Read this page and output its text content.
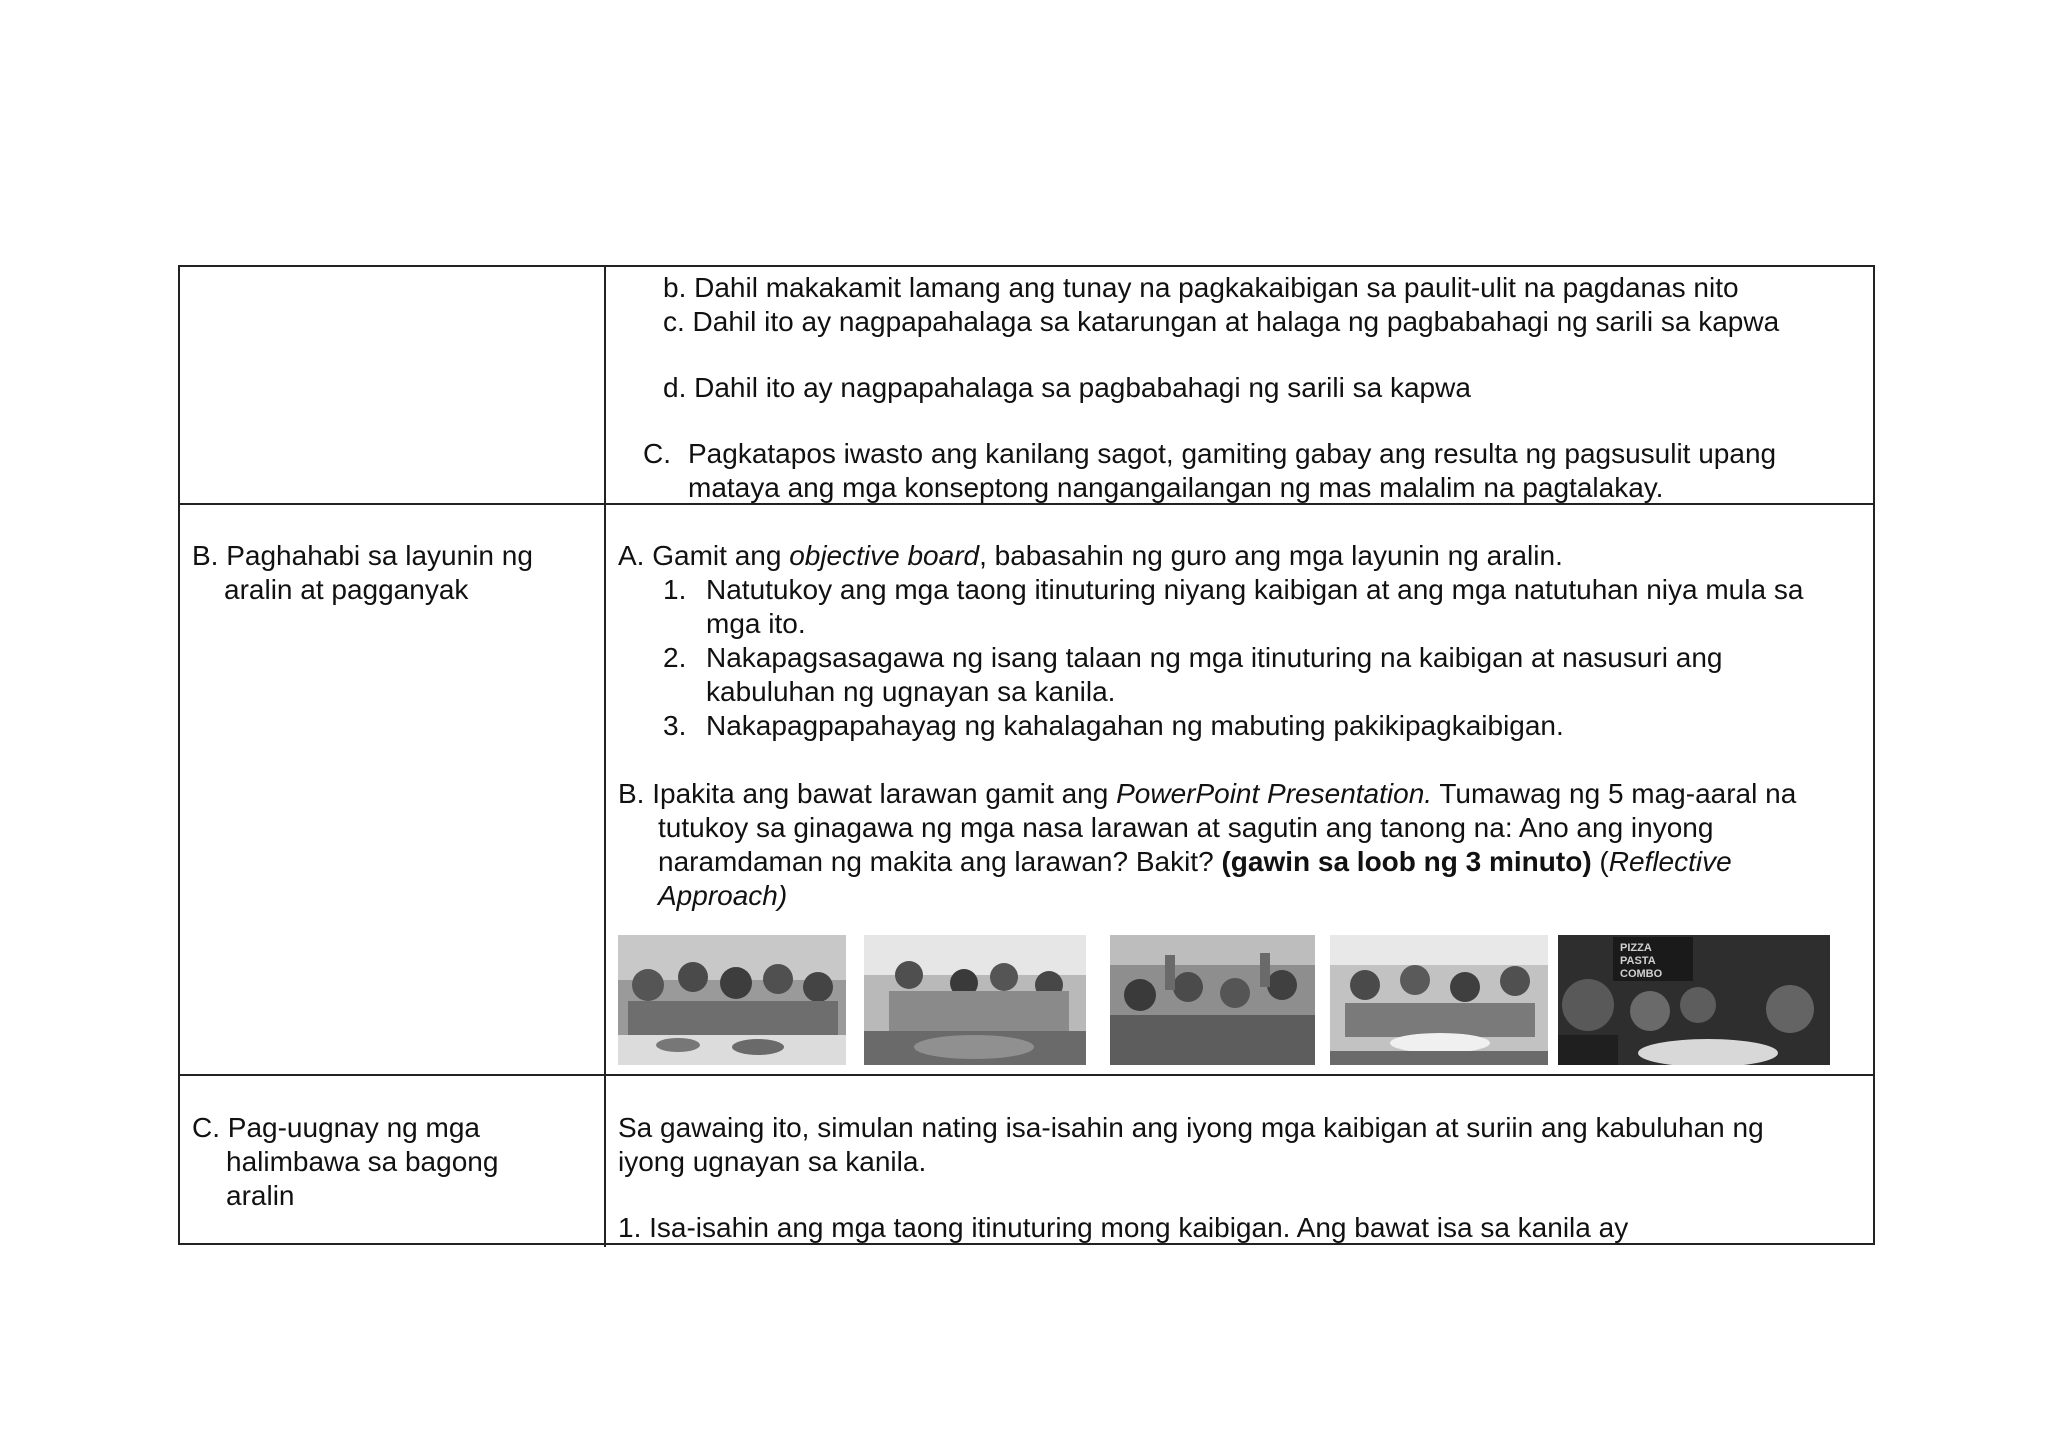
b. Dahil makakamit lamang ang tunay na pagkakaibigan sa paulit-ulit na pagdanas nito
c. Dahil ito ay nagpapahalaga sa katarungan at halaga ng pagbabahagi ng sarili sa kapwa
d. Dahil ito ay nagpapahalaga sa pagbabahagi ng sarili sa kapwa
C. Pagkatapos iwasto ang kanilang sagot, gamiting gabay ang resulta ng pagsusulit upang
mataya ang mga konseptong nangangailangan ng mas malalim na pagtalakay.
B. Paghahabi sa layunin ng
aralin at pagganyak
A. Gamit ang objective board, babasahin ng guro ang mga layunin ng aralin.
1. Natutukoy ang mga taong itinuturing niyang kaibigan at ang mga natutuhan niya mula sa
mga ito.
2. Nakapagsasagawa ng isang talaan ng mga itinuturing na kaibigan at nasusuri ang
kabuluhan ng ugnayan sa kanila.
3. Nakapagpapahayag ng kahalagahan ng mabuting pakikipagkaibigan.
B. Ipakita ang bawat larawan gamit ang PowerPoint Presentation. Tumawag ng 5 mag-aaral na
tutukoy sa ginagawa ng mga nasa larawan at sagutin ang tanong na: Ano ang inyong
naramdaman ng makita ang larawan? Bakit? (gawin sa loob ng 3 minuto) (Reflective
Approach)
PIZZA
PASTA
COMBO
C. Pag-uugnay ng mga
halimbawa sa bagong
aralin
Sa gawaing ito, simulan nating isa-isahin ang iyong mga kaibigan at suriin ang kabuluhan ng
iyong ugnayan sa kanila.
1. Isa-isahin ang mga taong itinuturing mong kaibigan. Ang bawat isa sa kanila ay
